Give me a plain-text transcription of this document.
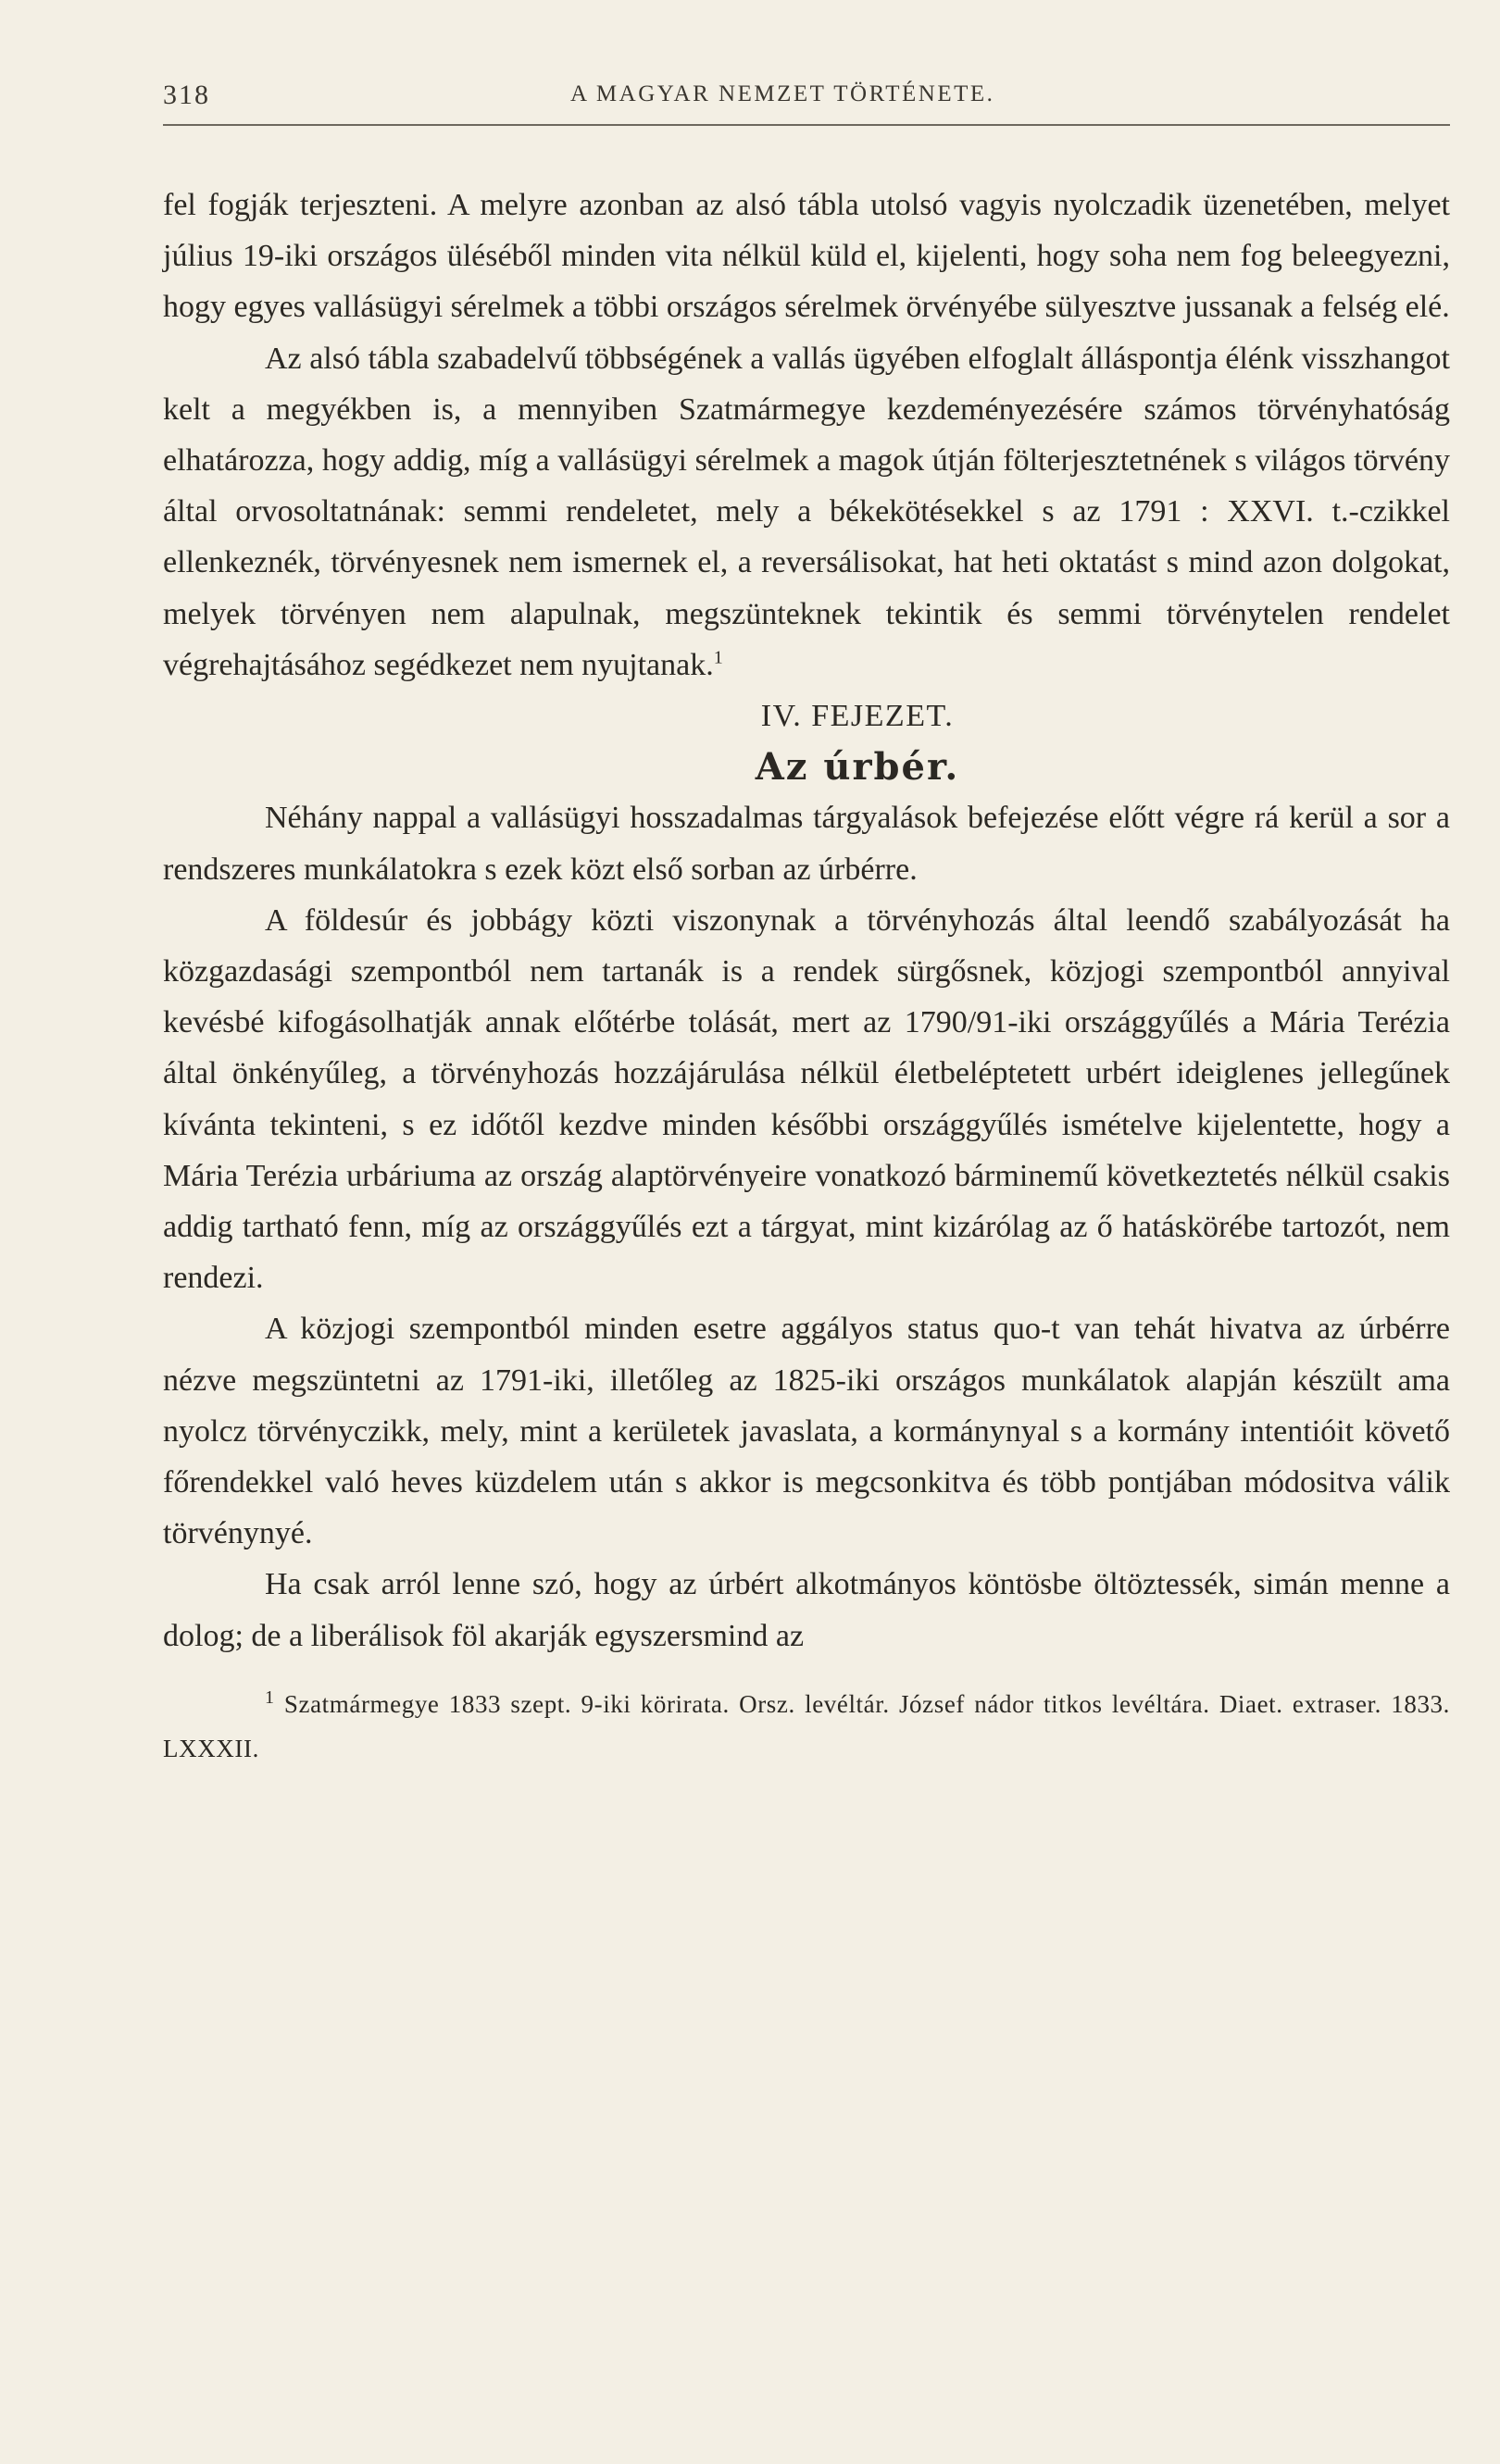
318	A MAGYAR NEMZET TÖRTÉNETE.

fel fogják terjeszteni. A melyre azonban az alsó tábla utolsó vagyis nyolczadik üzenetében, melyet július 19-iki országos üléséből minden vita nélkül küld el, kijelenti, hogy soha nem fog beleegyezni, hogy egyes vallásügyi sérelmek a többi országos sérelmek örvényébe sülyesztve jussanak a felség elé.

Az alsó tábla szabadelvű többségének a vallás ügyében elfoglalt álláspontja élénk visszhangot kelt a megyékben is, a mennyiben Szatmármegye kezdeményezésére számos törvényhatóság elhatározza, hogy addig, míg a vallásügyi sérelmek a magok útján fölterjesztetnének s világos törvény által orvosoltatnának: semmi rendeletet, mely a békekötésekkel s az 1791 : XXVI. t.-czikkel ellenkeznék, törvényesnek nem ismernek el, a reversálisokat, hat heti oktatást s mind azon dolgokat, melyek törvényen nem alapulnak, megszünteknek tekintik és semmi törvénytelen rendelet végrehajtásához segédkezet nem nyujtanak.$^1$

IV. FEJEZET.

Az úrbér.

Néhány nappal a vallásügyi hosszadalmas tárgyalások befejezése előtt végre rá kerül a sor a rendszeres munkálatokra s ezek közt első sorban az úrbérre.

A földesúr és jobbágy közti viszonynak a törvényhozás által leendő szabályozását ha közgazdasági szempontból nem tartanák is a rendek sürgősnek, közjogi szempontból annyival kevésbé kifogásolhatják annak előtérbe tolását, mert az 1790/91-iki országgyűlés a Mária Terézia által önkényűleg, a törvényhozás hozzájárulása nélkül életbeléptetett urbért ideiglenes jellegűnek kívánta tekinteni, s ez időtől kezdve minden későbbi országgyűlés ismételve kijelentette, hogy a Mária Terézia urbáriuma az ország alaptörvényeire vonatkozó bárminemű következtetés nélkül csakis addig tartható fenn, míg az országgyűlés ezt a tárgyat, mint kizárólag az ő hatáskörébe tartozót, nem rendezi.

A közjogi szempontból minden esetre aggályos status quo-t van tehát hivatva az úrbérre nézve megszüntetni az 1791-iki, illetőleg az 1825-iki országos munkálatok alapján készült ama nyolcz törvényczikk, mely, mint a kerületek javaslata, a kormánynyal s a kormány intentióit követő főrendekkel való heves küzdelem után s akkor is megcsonkitva és több pontjában módositva válik törvénynyé.

Ha csak arról lenne szó, hogy az úrbért alkotmányos köntösbe öltöztessék, simán menne a dolog; de a liberálisok föl akarják egyszersmind az

$^1$ Szatmármegye 1833 szept. 9-iki körirata. Orsz. levéltár. József nádor titkos levéltára. Diaet. extraser. 1833. LXXXII.
